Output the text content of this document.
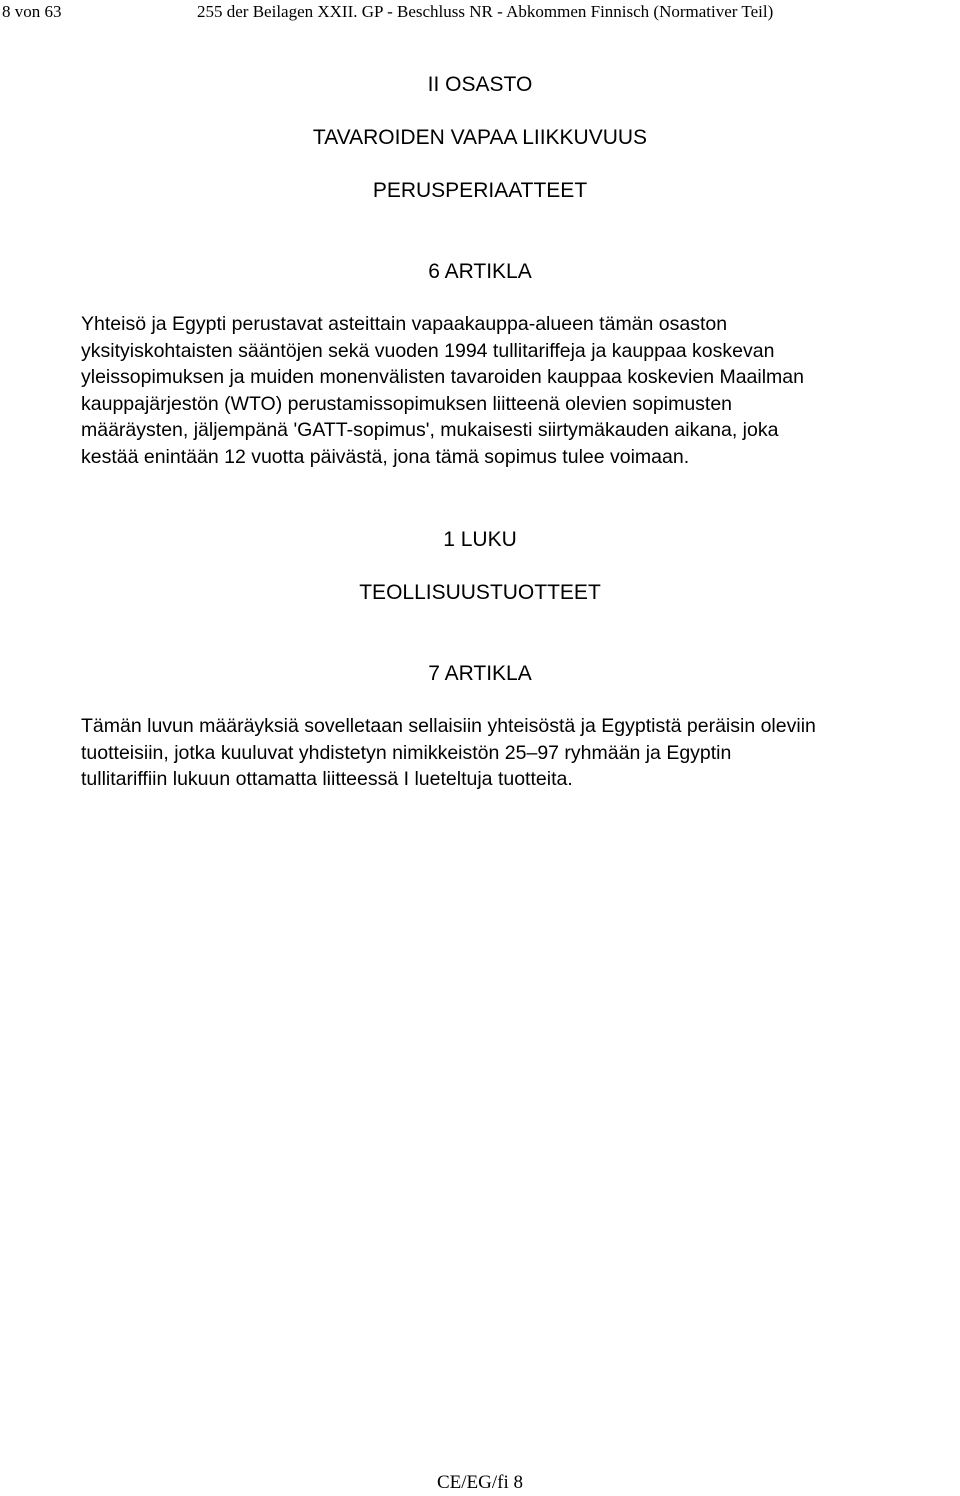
8 von 63	255 der Beilagen XXII. GP - Beschluss NR - Abkommen Finnisch (Normativer Teil)
II OSASTO
TAVAROIDEN VAPAA LIIKKUVUUS
PERUSPERIAATTEET
6 ARTIKLA
Yhteisö ja Egypti perustavat asteittain vapaakauppa-alueen tämän osaston
yksityiskohtaisten sääntöjen sekä vuoden 1994 tullitariffeja ja kauppaa koskevan
yleissopimuksen ja muiden monenvälisten tavaroiden kauppaa koskevien Maailman
kauppajärjestön (WTO) perustamissopimuksen liitteenä olevien sopimusten
määräysten, jäljempänä 'GATT-sopimus', mukaisesti siirtymäkauden aikana, joka
kestää enintään 12 vuotta päivästä, jona tämä sopimus tulee voimaan.
1 LUKU
TEOLLISUUSTUOTTEET
7 ARTIKLA
Tämän luvun määräyksiä sovelletaan sellaisiin yhteisöstä ja Egyptistä peräisin oleviin
tuotteisiin, jotka kuuluvat yhdistetyn nimikkeistön 25–97 ryhmään ja Egyptin
tullitariffiin lukuun ottamatta liitteessä I lueteltuja tuotteita.
CE/EG/fi 8
